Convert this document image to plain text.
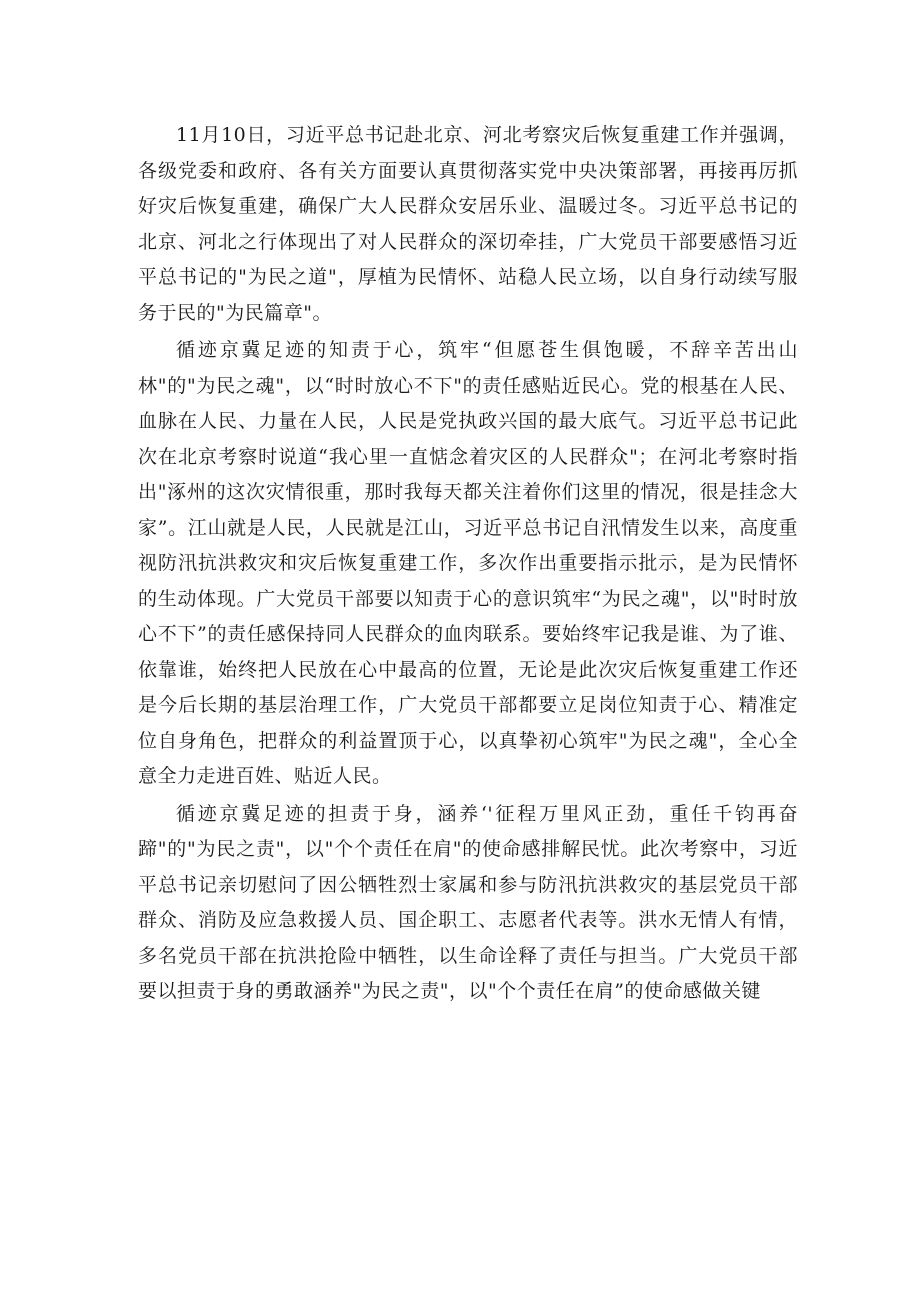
11月10日，习近平总书记赴北京、河北考察灾后恢复重建工作并强调，各级党委和政府、各有关方面要认真贯彻落实党中央决策部署，再接再厉抓好灾后恢复重建，确保广大人民群众安居乐业、温暖过冬。习近平总书记的北京、河北之行体现出了对人民群众的深切牵挂，广大党员干部要感悟习近平总书记的"为民之道"，厚植为民情怀、站稳人民立场，以自身行动续写服务于民的"为民篇章"。

循迹京冀足迹的知责于心，筑牢“但愿苍生俱饱暖，不辞辛苦出山林"的"为民之魂"，以“时时放心不下"的责任感贴近民心。党的根基在人民、血脉在人民、力量在人民，人民是党执政兴国的最大底气。习近平总书记此次在北京考察时说道“我心里一直惦念着灾区的人民群众"；在河北考察时指出"涿州的这次灾情很重，那时我每天都关注着你们这里的情况，很是挂念大家”。江山就是人民，人民就是江山，习近平总书记自汛情发生以来，高度重视防汛抗洪救灾和灾后恢复重建工作，多次作出重要指示批示，是为民情怀的生动体现。广大党员干部要以知责于心的意识筑牢“为民之魂"，以"时时放心不下”的责任感保持同人民群众的血肉联系。要始终牢记我是谁、为了谁、依靠谁，始终把人民放在心中最高的位置，无论是此次灾后恢复重建工作还是今后长期的基层治理工作，广大党员干部都要立足岗位知责于心、精准定位自身角色，把群众的利益置顶于心，以真挚初心筑牢"为民之魂"，全心全意全力走进百姓、贴近人民。

循迹京冀足迹的担责于身，涵养‘'征程万里风正劲，重任千钧再奋蹄"的"为民之责"，以"个个责任在肩"的使命感排解民忧。此次考察中，习近平总书记亲切慰问了因公牺牲烈士家属和参与防汛抗洪救灾的基层党员干部群众、消防及应急救援人员、国企职工、志愿者代表等。洪水无情人有情，多名党员干部在抗洪抢险中牺牲，以生命诠释了责任与担当。广大党员干部要以担责于身的勇敢涵养"为民之责"，以"个个责任在肩”的使命感做关键
